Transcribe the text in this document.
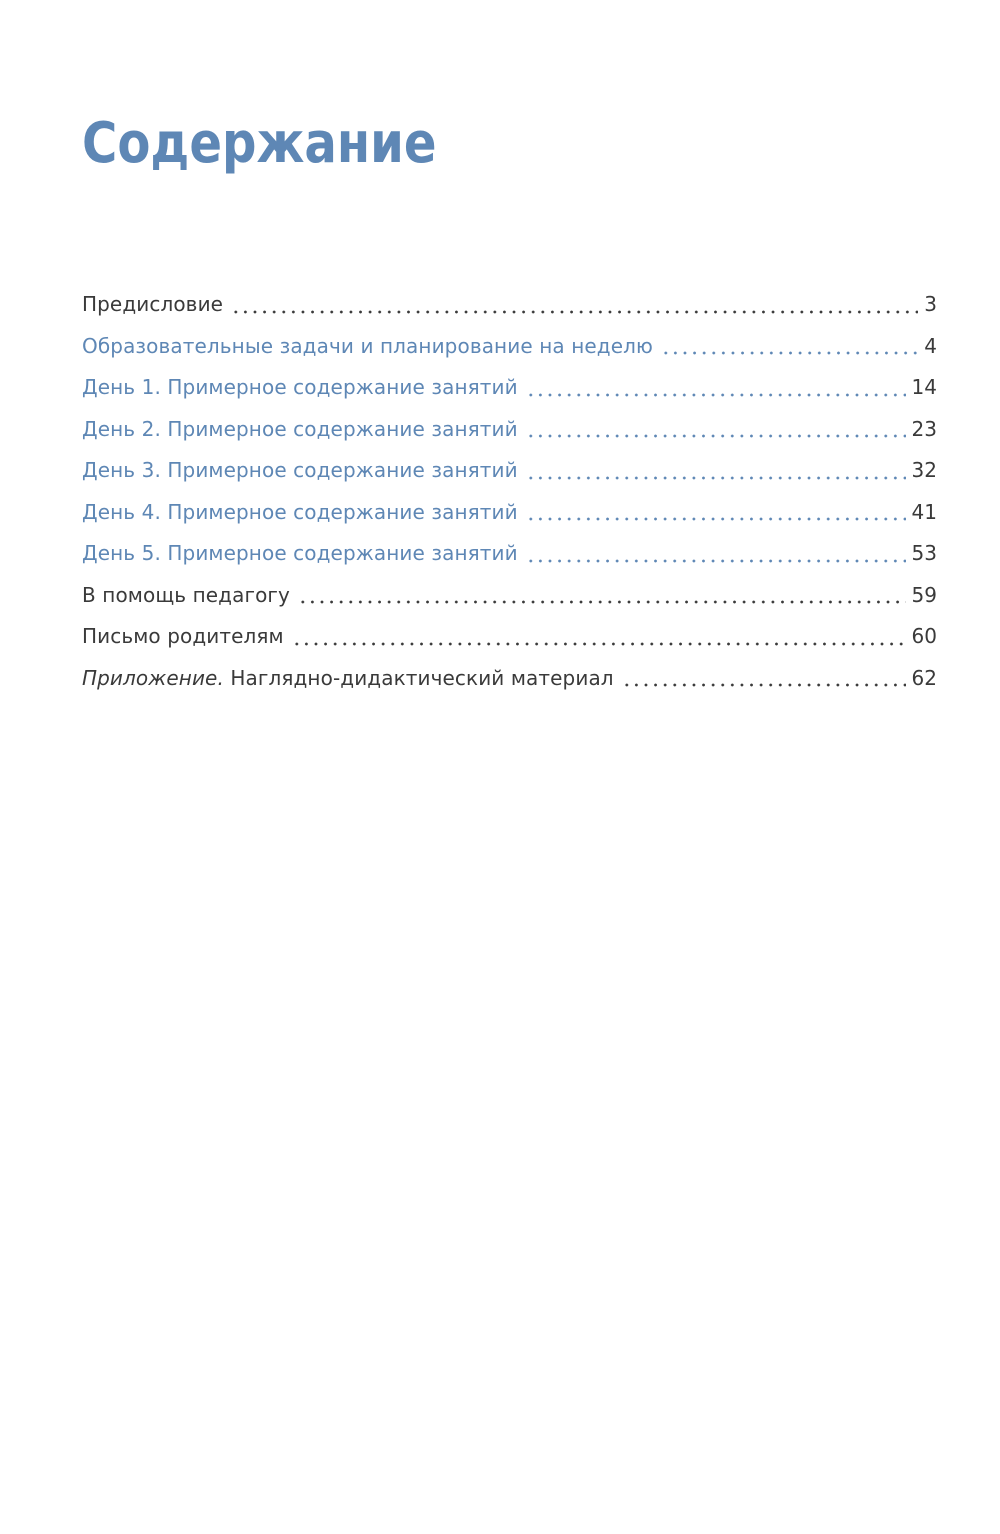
Содержание
Предисловие	3
Образовательные задачи и планирование на неделю	4
День 1. Примерное содержание занятий	14
День 2. Примерное содержание занятий	23
День 3. Примерное содержание занятий	32
День 4. Примерное содержание занятий	41
День 5. Примерное содержание занятий	53
В помощь педагогу	59
Письмо родителям	60
Приложение. Наглядно-дидактический материал	62
